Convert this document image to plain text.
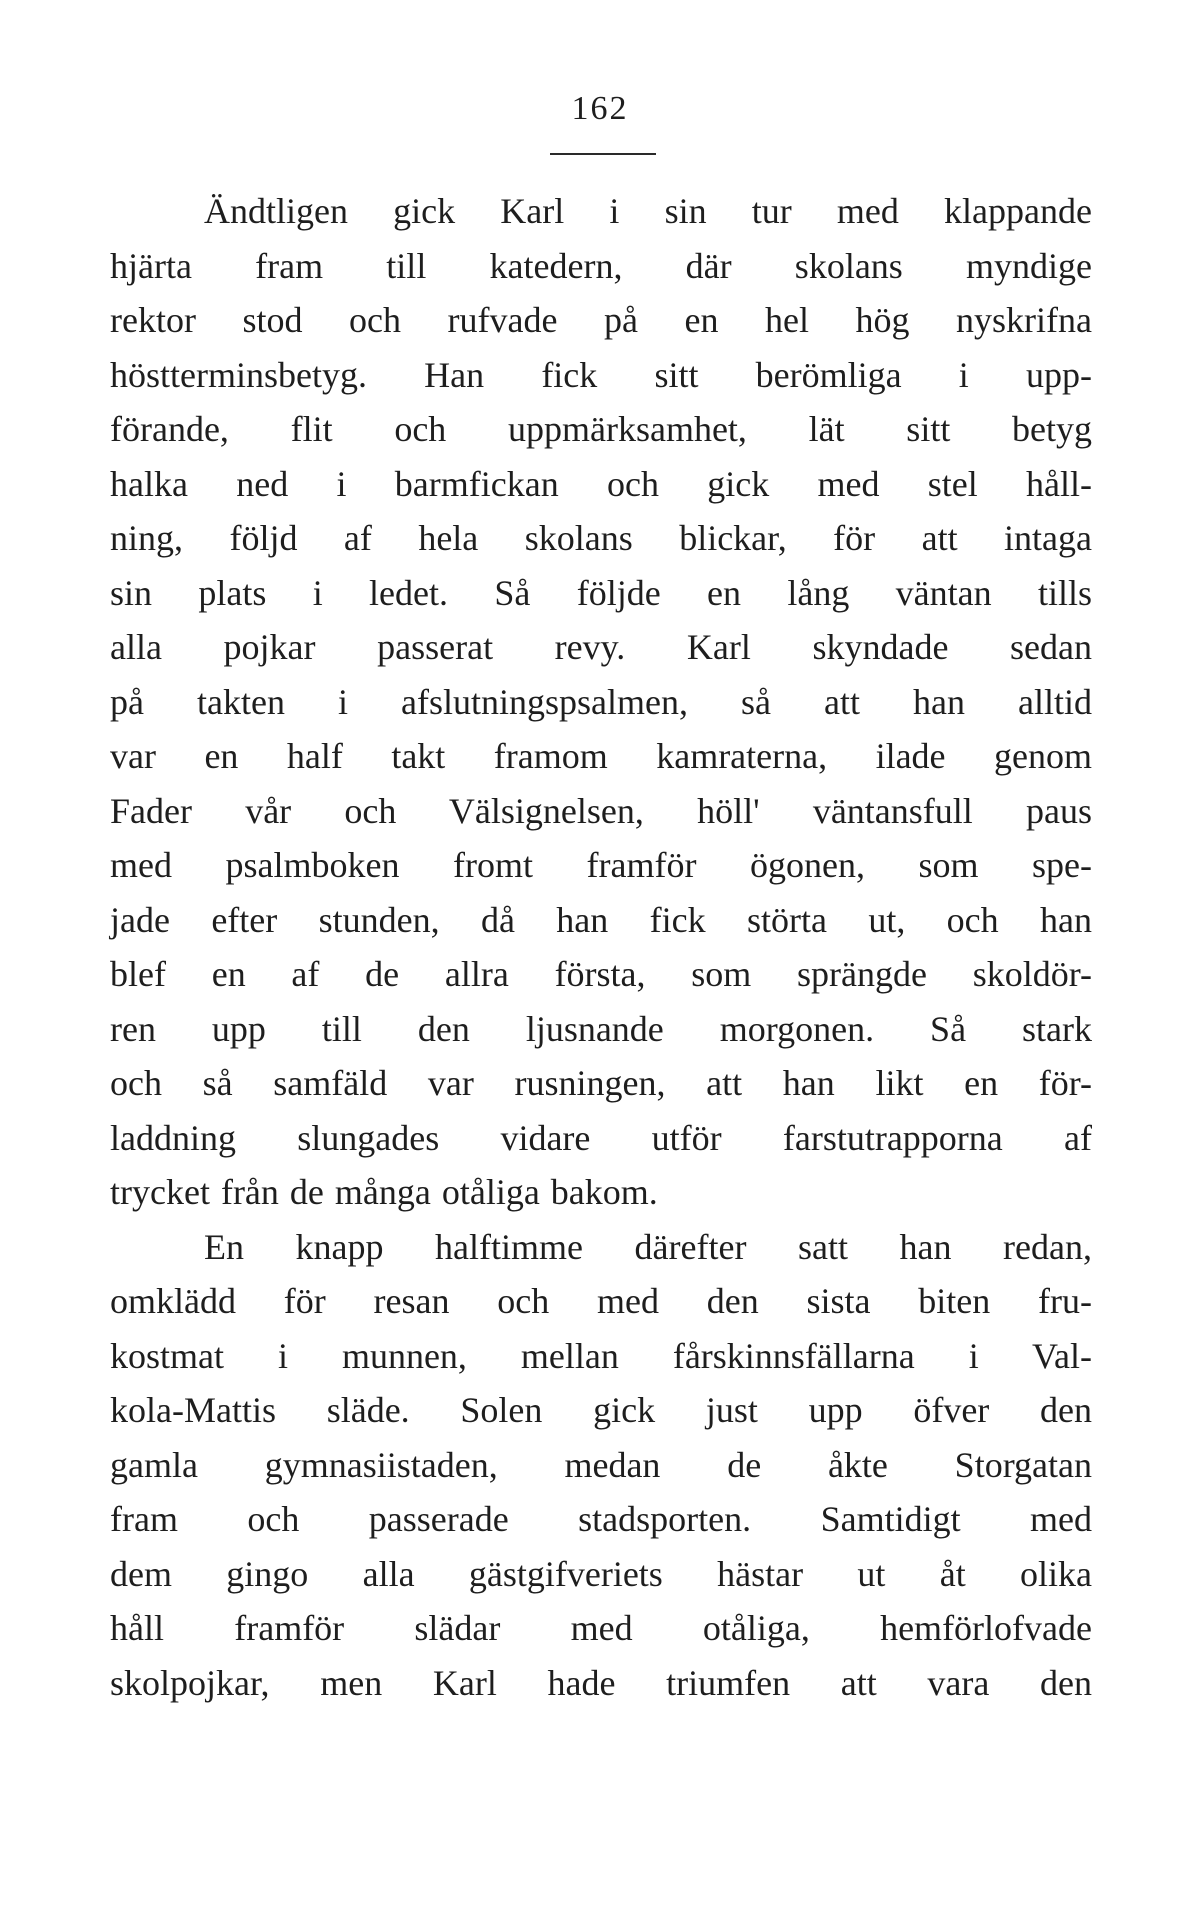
162
Ändtligen gick Karl i sin tur med klappande
hjärta fram till katedern, där skolans myndige
rektor stod och rufvade på en hel hög nyskrifna
höstterminsbetyg. Han fick sitt berömliga i upp-
förande, flit och uppmärksamhet, lät sitt betyg
halka ned i barmfickan och gick med stel håll-
ning, följd af hela skolans blickar, för att intaga
sin plats i ledet. Så följde en lång väntan tills
alla pojkar passerat revy. Karl skyndade sedan
på takten i afslutningspsalmen, så att han alltid
var en half takt framom kamraterna, ilade genom
Fader vår och Välsignelsen, höll' väntansfull paus
med psalmboken fromt framför ögonen, som spe-
jade efter stunden, då han fick störta ut, och han
blef en af de allra första, som sprängde skoldör-
ren upp till den ljusnande morgonen. Så stark
och så samfäld var rusningen, att han likt en för-
laddning slungades vidare utför farstutrapporna af
trycket från de många otåliga bakom.
En knapp halftimme därefter satt han redan,
omklädd för resan och med den sista biten fru-
kostmat i munnen, mellan fårskinnsfällarna i Val-
kola-Mattis släde. Solen gick just upp öfver den
gamla gymnasiistaden, medan de åkte Storgatan
fram och passerade stadsporten. Samtidigt med
dem gingo alla gästgifveriets hästar ut åt olika
håll framför slädar med otåliga, hemförlofvade
skolpojkar, men Karl hade triumfen att vara den
